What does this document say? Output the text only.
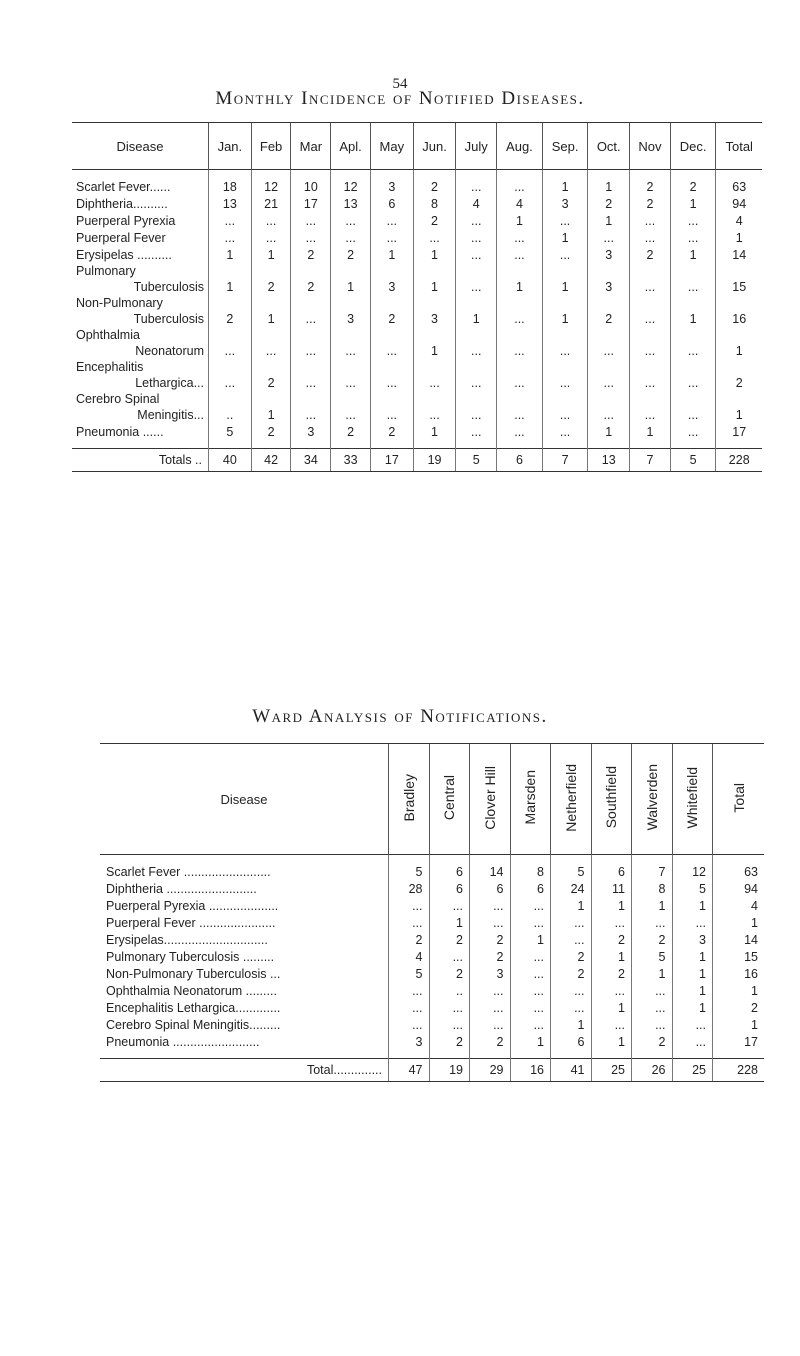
54
Monthly Incidence of Notified Diseases.
Disease	Jan.	Feb	Mar	Apl.	May	Jun.	July	Aug.	Sep.	Oct.	Nov	Dec.	Total

Scarlet Fever......	18	12	10	12	3	2	...	...	1	1	2	2	63
Diphtheria..........	13	21	17	13	6	8	4	4	3	2	2	1	94
Puerperal Pyrexia	...	...	...	...	...	2	...	1	...	1	...	...	4
Puerperal Fever	...	...	...	...	...	...	...	...	1	...	...	...	1
Erysipelas ..........	1	1	2	2	1	1	...	...	...	3	2	1	14
Pulmonary													
Tuberculosis	1	2	2	1	3	1	...	1	1	3	...	...	15
Non-Pulmonary													
Tuberculosis	2	1	...	3	2	3	1	...	1	2	...	1	16
Ophthalmia													
Neonatorum	...	...	...	...	...	1	...	...	...	...	...	...	1
Encephalitis													
Lethargica...	...	2	...	...	...	...	...	...	...	...	...	...	2
Cerebro Spinal													
Meningitis...	..	1	...	...	...	...	...	...	...	...	...	...	1
Pneumonia ......	5	2	3	2	2	1	...	...	...	1	1	...	17

Totals ..	40	42	34	33	17	19	5	6	7	13	7	5	228
Ward Analysis of Notifications.
Disease	Bradley	Central	Clover Hill	Marsden	Netherfield	Southfield	Walverden	Whitefield	Total

Scarlet Fever .........................	5	6	14	8	5	6	7	12	63
Diphtheria ..........................	28	6	6	6	24	11	8	5	94
Puerperal Pyrexia ....................	...	...	...	...	1	1	1	1	4
Puerperal Fever ......................	...	1	...	...	...	...	...	...	1
Erysipelas..............................	2	2	2	1	...	2	2	3	14
Pulmonary Tuberculosis .........	4	...	2	...	2	1	5	1	15
Non-Pulmonary Tuberculosis ...	5	2	3	...	2	2	1	1	16
Ophthalmia Neonatorum .........	...	..	...	...	...	...	...	1	1
Encephalitis Lethargica.............	...	...	...	...	...	1	...	1	2
Cerebro Spinal Meningitis.........	...	...	...	...	1	...	...	...	1
Pneumonia .........................	3	2	2	1	6	1	2	...	17

Total..............	47	19	29	16	41	25	26	25	228
